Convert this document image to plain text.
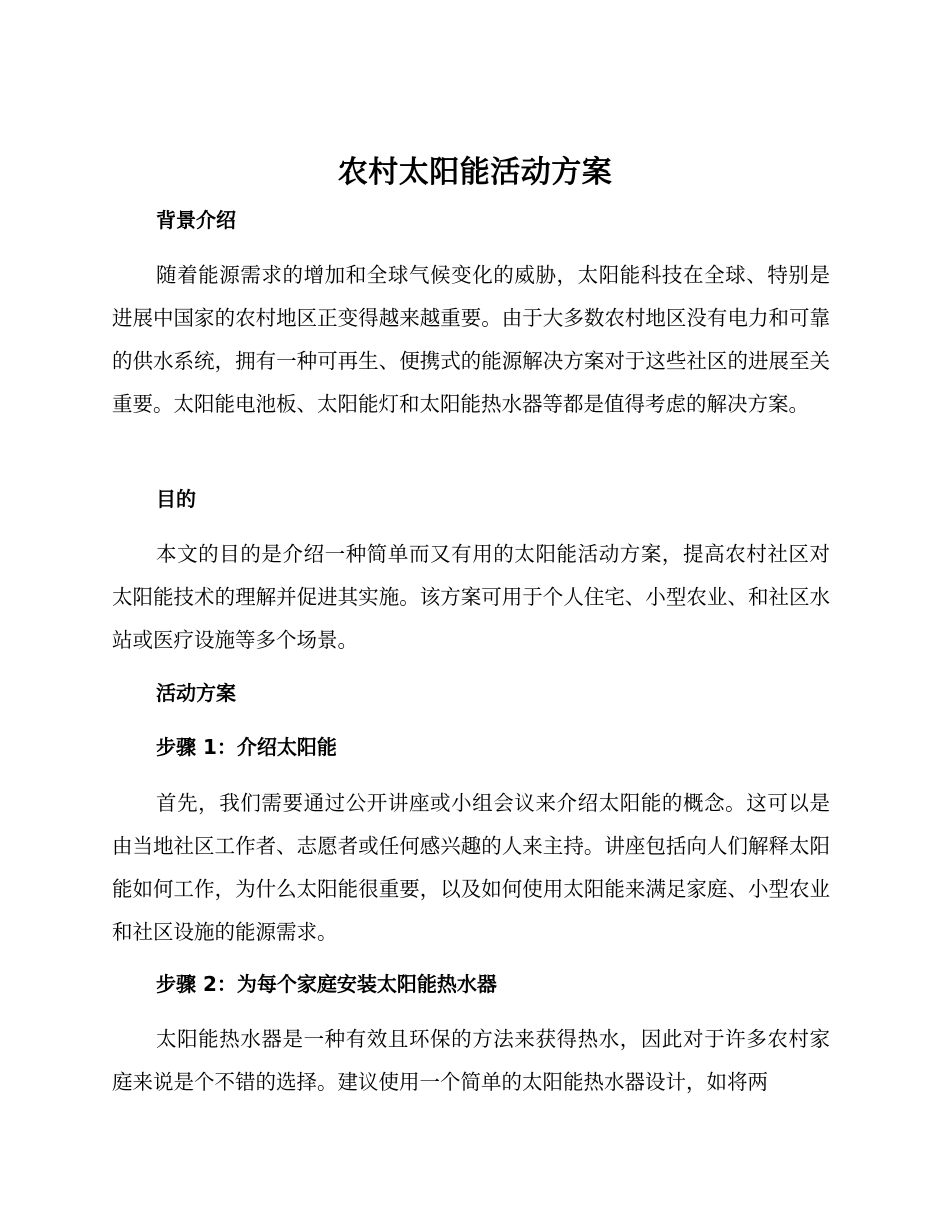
农村太阳能活动方案
背景介绍
随着能源需求的增加和全球气候变化的威胁，太阳能科技在全球、特别是进展中国家的农村地区正变得越来越重要。由于大多数农村地区没有电力和可靠的供水系统，拥有一种可再生、便携式的能源解决方案对于这些社区的进展至关重要。太阳能电池板、太阳能灯和太阳能热水器等都是值得考虑的解决方案。
目的
本文的目的是介绍一种简单而又有用的太阳能活动方案，提高农村社区对太阳能技术的理解并促进其实施。该方案可用于个人住宅、小型农业、和社区水站或医疗设施等多个场景。
活动方案
步骤 1：介绍太阳能
首先，我们需要通过公开讲座或小组会议来介绍太阳能的概念。这可以是由当地社区工作者、志愿者或任何感兴趣的人来主持。讲座包括向人们解释太阳能如何工作，为什么太阳能很重要，以及如何使用太阳能来满足家庭、小型农业和社区设施的能源需求。
步骤 2：为每个家庭安装太阳能热水器
太阳能热水器是一种有效且环保的方法来获得热水，因此对于许多农村家庭来说是个不错的选择。建议使用一个简单的太阳能热水器设计，如将两
